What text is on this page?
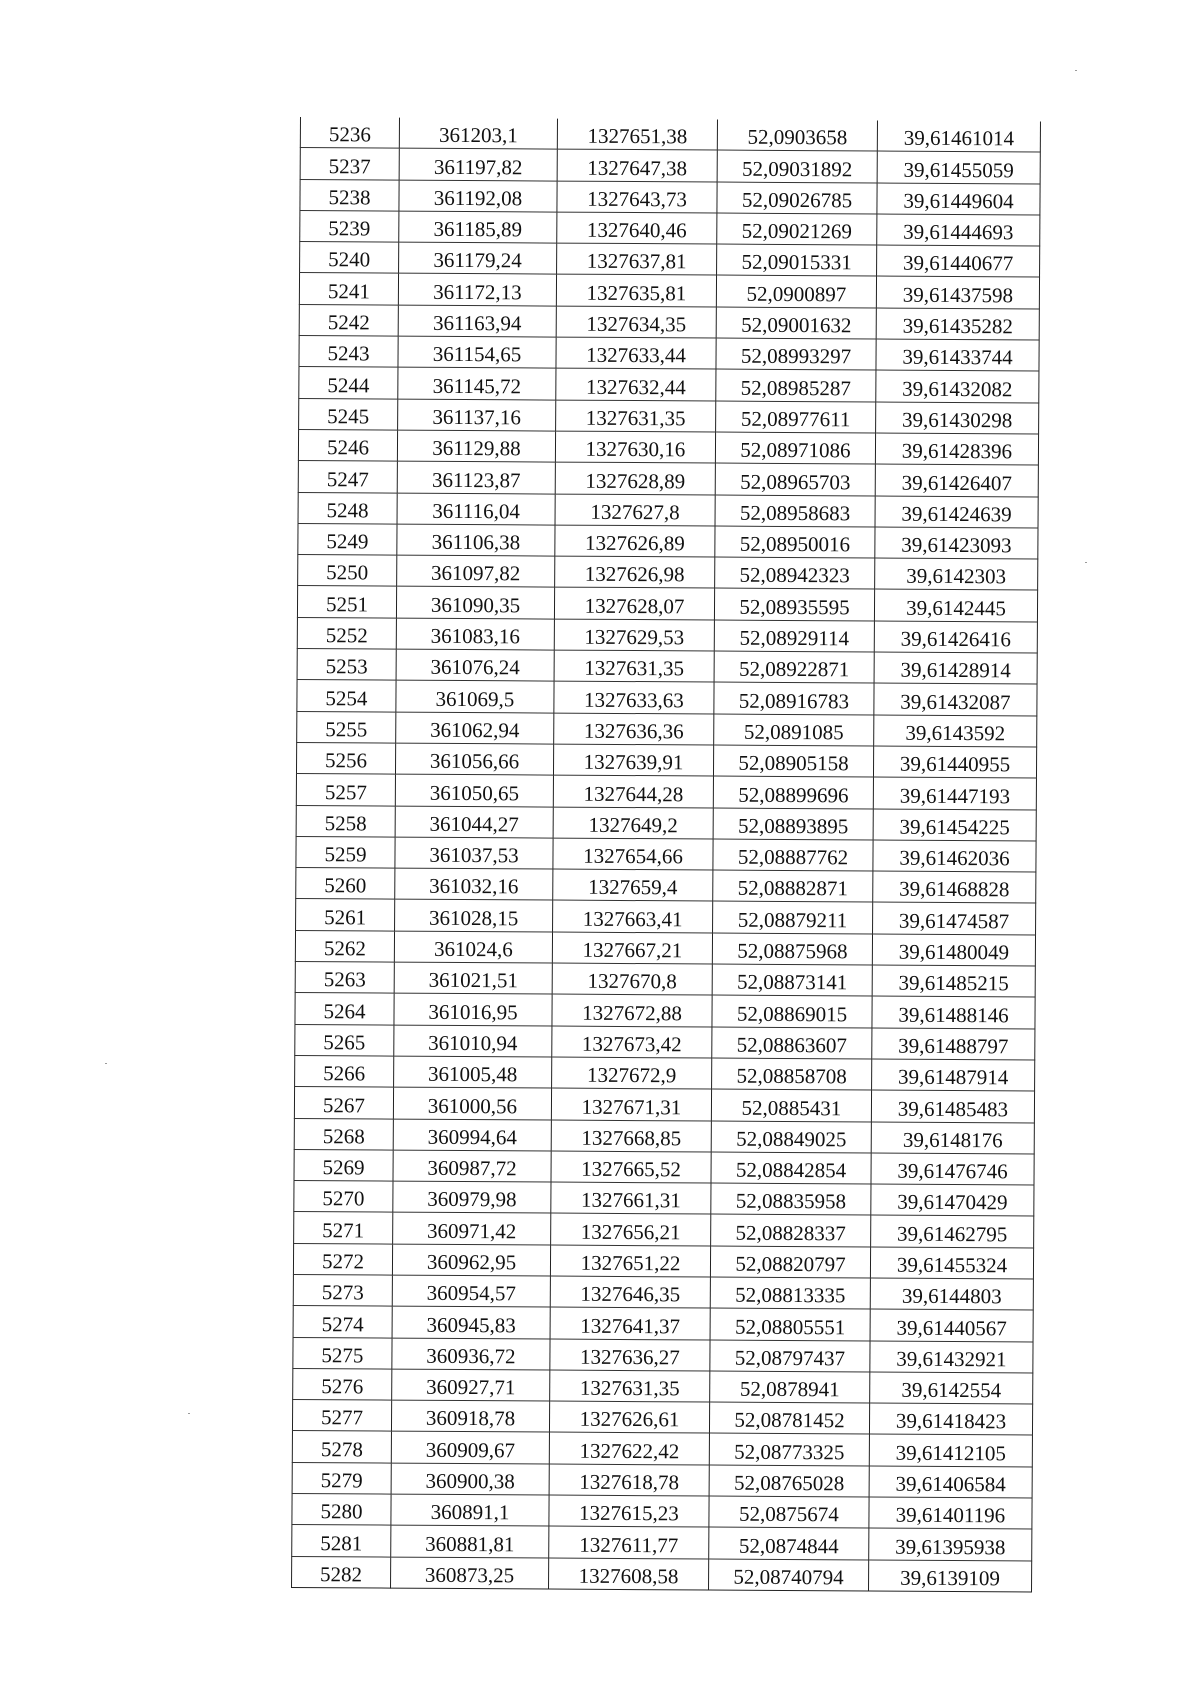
5236	361203,1	1327651,38	52,0903658	39,61461014
5237	361197,82	1327647,38	52,09031892	39,61455059
5238	361192,08	1327643,73	52,09026785	39,61449604
5239	361185,89	1327640,46	52,09021269	39,61444693
5240	361179,24	1327637,81	52,09015331	39,61440677
5241	361172,13	1327635,81	52,0900897	39,61437598
5242	361163,94	1327634,35	52,09001632	39,61435282
5243	361154,65	1327633,44	52,08993297	39,61433744
5244	361145,72	1327632,44	52,08985287	39,61432082
5245	361137,16	1327631,35	52,08977611	39,61430298
5246	361129,88	1327630,16	52,08971086	39,61428396
5247	361123,87	1327628,89	52,08965703	39,61426407
5248	361116,04	1327627,8	52,08958683	39,61424639
5249	361106,38	1327626,89	52,08950016	39,61423093
5250	361097,82	1327626,98	52,08942323	39,6142303
5251	361090,35	1327628,07	52,08935595	39,6142445
5252	361083,16	1327629,53	52,08929114	39,61426416
5253	361076,24	1327631,35	52,08922871	39,61428914
5254	361069,5	1327633,63	52,08916783	39,61432087
5255	361062,94	1327636,36	52,0891085	39,6143592
5256	361056,66	1327639,91	52,08905158	39,61440955
5257	361050,65	1327644,28	52,08899696	39,61447193
5258	361044,27	1327649,2	52,08893895	39,61454225
5259	361037,53	1327654,66	52,08887762	39,61462036
5260	361032,16	1327659,4	52,08882871	39,61468828
5261	361028,15	1327663,41	52,08879211	39,61474587
5262	361024,6	1327667,21	52,08875968	39,61480049
5263	361021,51	1327670,8	52,08873141	39,61485215
5264	361016,95	1327672,88	52,08869015	39,61488146
5265	361010,94	1327673,42	52,08863607	39,61488797
5266	361005,48	1327672,9	52,08858708	39,61487914
5267	361000,56	1327671,31	52,0885431	39,61485483
5268	360994,64	1327668,85	52,08849025	39,6148176
5269	360987,72	1327665,52	52,08842854	39,61476746
5270	360979,98	1327661,31	52,08835958	39,61470429
5271	360971,42	1327656,21	52,08828337	39,61462795
5272	360962,95	1327651,22	52,08820797	39,61455324
5273	360954,57	1327646,35	52,08813335	39,6144803
5274	360945,83	1327641,37	52,08805551	39,61440567
5275	360936,72	1327636,27	52,08797437	39,61432921
5276	360927,71	1327631,35	52,0878941	39,6142554
5277	360918,78	1327626,61	52,08781452	39,61418423
5278	360909,67	1327622,42	52,08773325	39,61412105
5279	360900,38	1327618,78	52,08765028	39,61406584
5280	360891,1	1327615,23	52,0875674	39,61401196
5281	360881,81	1327611,77	52,0874844	39,61395938
5282	360873,25	1327608,58	52,08740794	39,6139109
